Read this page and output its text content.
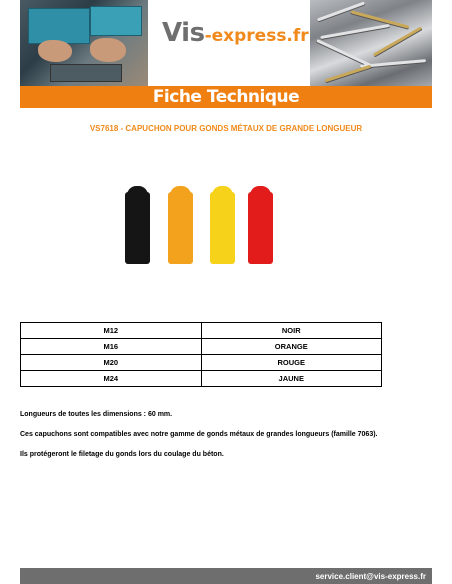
Vis-express.fr
Fiche Technique
VS7618 - CAPUCHON POUR GONDS MÉTAUX DE GRANDE LONGUEUR
M12	NOIR
M16	ORANGE
M20	ROUGE
M24	JAUNE

Longueurs de toutes les dimensions : 60 mm.

Ces capuchons sont compatibles avec notre gamme de gonds métaux de grandes longueurs (famille 7063).

Ils protégeront le filetage du gonds lors du coulage du béton.

service.client@vis-express.fr
